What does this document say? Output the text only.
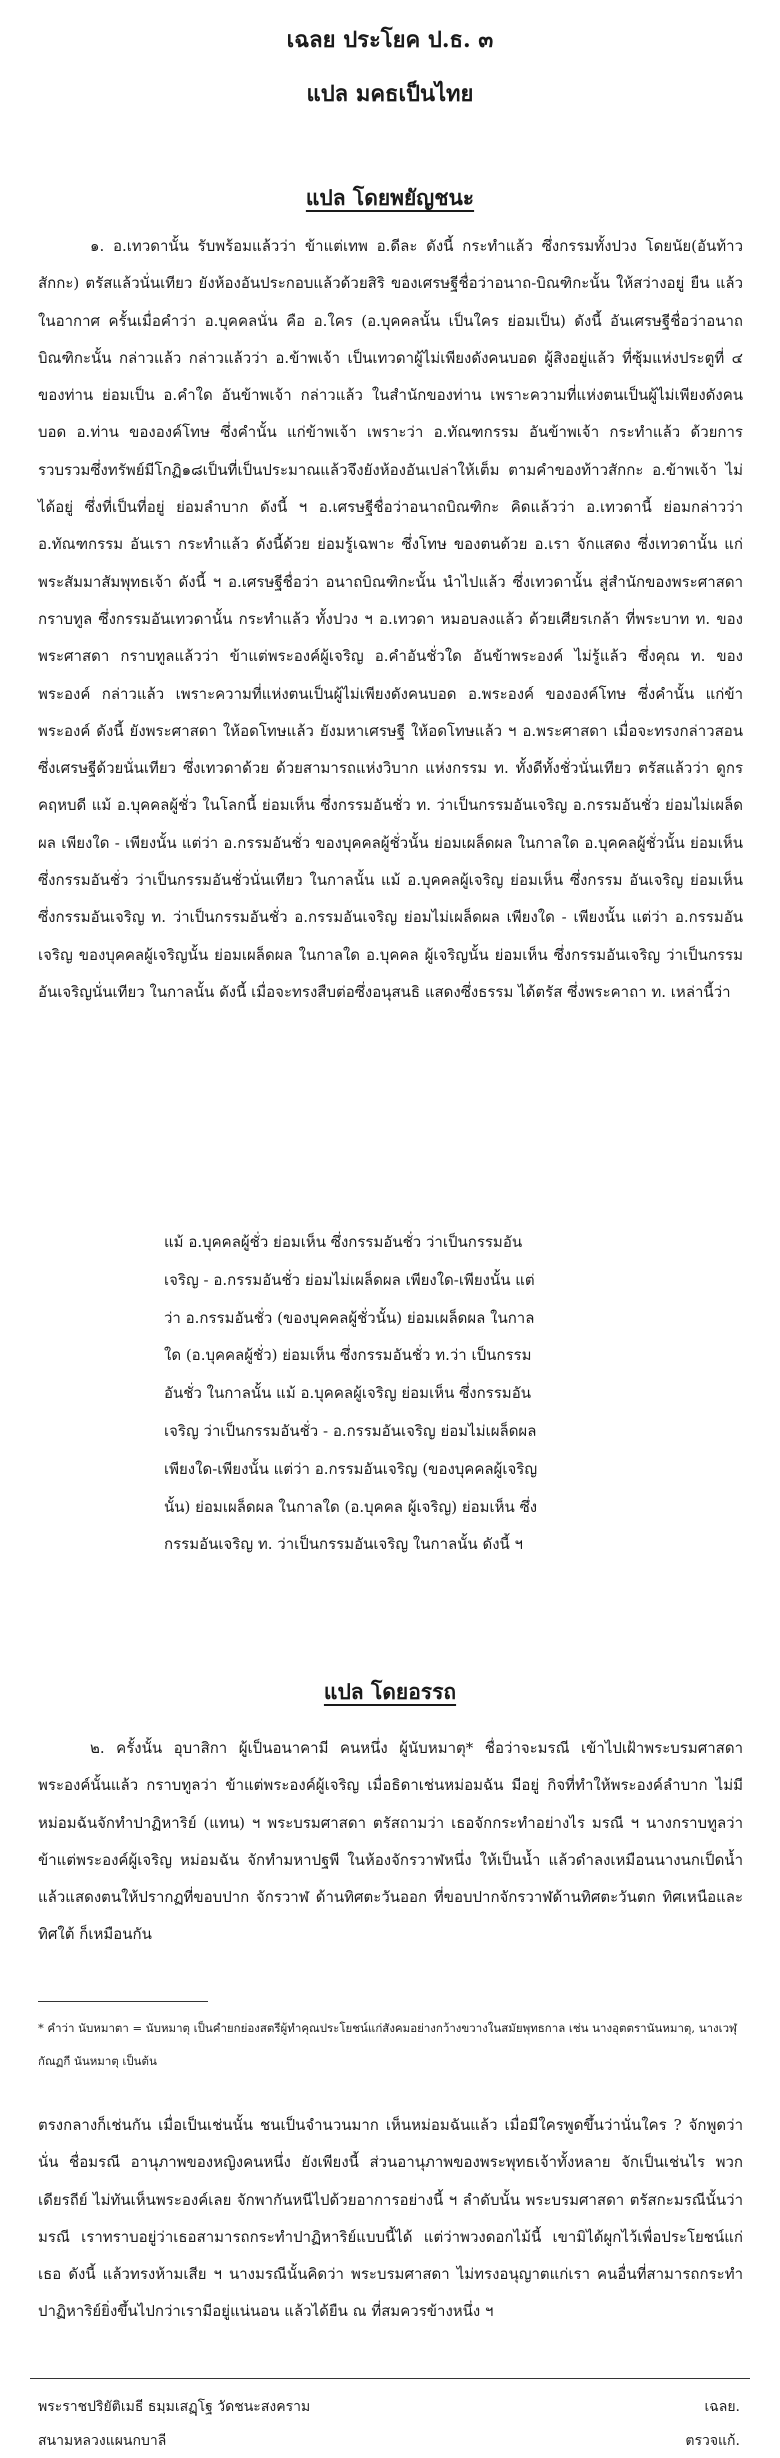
เฉลย ประโยค ป.ธ. ๓
แปล มคธเป็นไทย
แปล โดยพยัญชนะ
๑. อ.เทวดานั้น รับพร้อมแล้วว่า ข้าแต่เทพ อ.ดีละ ดังนี้ กระทำแล้ว ซึ่งกรรมทั้งปวง โดยนัย(อันท้าวสักกะ) ตรัสแล้วนั่นเทียว ยังห้องอันประกอบแล้วด้วยสิริ ของเศรษฐีชื่อว่าอนาถ-บิณฑิกะนั้น ให้สว่างอยู่ ยืน แล้ว ในอากาศ ครั้นเมื่อคำว่า อ.บุคคลนั่น คือ อ.ใคร (อ.บุคคลนั้น เป็นใคร ย่อมเป็น) ดังนี้ อันเศรษฐีชื่อว่าอนาถบิณฑิกะนั้น กล่าวแล้ว กล่าวแล้วว่า อ.ข้าพเจ้า เป็นเทวดาผู้ไม่เพียงดังคนบอด ผู้สิงอยู่แล้ว ที่ซุ้มแห่งประตูที่ ๔ ของท่าน ย่อมเป็น อ.คำใด อันข้าพเจ้า กล่าวแล้ว ในสำนักของท่าน เพราะความที่แห่งตนเป็นผู้ไม่เพียงดังคนบอด อ.ท่าน ขององค์โทษ ซึ่งคำนั้น แก่ข้าพเจ้า เพราะว่า อ.ทัณฑกรรม อันข้าพเจ้า กระทำแล้ว ด้วยการรวบรวมซึ่งทรัพย์มีโกฏิ๑๘เป็นที่เป็นประมาณแล้วจึงยังห้องอันเปล่าให้เต็ม ตามคำของท้าวสักกะ อ.ข้าพเจ้า ไม่ได้อยู่ ซึ่งที่เป็นที่อยู่ ย่อมลำบาก ดังนี้ ฯ อ.เศรษฐีชื่อว่าอนาถบิณฑิกะ คิดแล้วว่า อ.เทวดานี้ ย่อมกล่าวว่า อ.ทัณฑกรรม อันเรา กระทำแล้ว ดังนี้ด้วย ย่อมรู้เฉพาะ ซึ่งโทษ ของตนด้วย อ.เรา จักแสดง ซึ่งเทวดานั้น แก่พระสัมมาสัมพุทธเจ้า ดังนี้ ฯ อ.เศรษฐีชื่อว่า อนาถบิณฑิกะนั้น นำไปแล้ว ซึ่งเทวดานั้น สู่สำนักของพระศาสดา กราบทูล ซึ่งกรรมอันเทวดานั้น กระทำแล้ว ทั้งปวง ฯ อ.เทวดา หมอบลงแล้ว ด้วยเศียรเกล้า ที่พระบาท ท. ของพระศาสดา กราบทูลแล้วว่า ข้าแต่พระองค์ผู้เจริญ อ.คำอันชั่วใด อันข้าพระองค์ ไม่รู้แล้ว ซึ่งคุณ ท. ของพระองค์ กล่าวแล้ว เพราะความที่แห่งตนเป็นผู้ไม่เพียงดังคนบอด อ.พระองค์ ขององค์โทษ ซึ่งคำนั้น แก่ข้าพระองค์ ดังนี้ ยังพระศาสดา ให้อดโทษแล้ว ยังมหาเศรษฐี ให้อดโทษแล้ว ฯ อ.พระศาสดา เมื่อจะทรงกล่าวสอน ซึ่งเศรษฐีด้วยนั่นเทียว ซึ่งเทวดาด้วย ด้วยสามารถแห่งวิบาก แห่งกรรม ท. ทั้งดีทั้งชั่วนั่นเทียว ตรัสแล้วว่า ดูกรคฤหบดี แม้ อ.บุคคลผู้ชั่ว ในโลกนี้ ย่อมเห็น ซึ่งกรรมอันชั่ว ท. ว่าเป็นกรรมอันเจริญ อ.กรรมอันชั่ว ย่อมไม่เผล็ดผล เพียงใด - เพียงนั้น แต่ว่า อ.กรรมอันชั่ว ของบุคคลผู้ชั่วนั้น ย่อมเผล็ดผล ในกาลใด อ.บุคคลผู้ชั่วนั้น ย่อมเห็น ซึ่งกรรมอันชั่ว ว่าเป็นกรรมอันชั่วนั่นเทียว ในกาลนั้น แม้ อ.บุคคลผู้เจริญ ย่อมเห็น ซึ่งกรรม อันเจริญ ย่อมเห็น ซึ่งกรรมอันเจริญ ท. ว่าเป็นกรรมอันชั่ว อ.กรรมอันเจริญ ย่อมไม่เผล็ดผล เพียงใด - เพียงนั้น แต่ว่า อ.กรรมอันเจริญ ของบุคคลผู้เจริญนั้น ย่อมเผล็ดผล ในกาลใด อ.บุคคล ผู้เจริญนั้น ย่อมเห็น ซึ่งกรรมอันเจริญ ว่าเป็นกรรมอันเจริญนั่นเทียว ในกาลนั้น ดังนี้ เมื่อจะทรงสืบต่อซึ่งอนุสนธิ แสดงซึ่งธรรม ได้ตรัส ซึ่งพระคาถา ท. เหล่านี้ว่า
แม้ อ.บุคคลผู้ชั่ว ย่อมเห็น ซึ่งกรรมอันชั่ว ว่าเป็นกรรมอัน เจริญ - อ.กรรมอันชั่ว ย่อมไม่เผล็ดผล เพียงใด-เพียงนั้น แต่ว่า อ.กรรมอันชั่ว (ของบุคคลผู้ชั่วนั้น) ย่อมเผล็ดผล ในกาลใด (อ.บุคคลผู้ชั่ว) ย่อมเห็น ซึ่งกรรมอันชั่ว ท.ว่า เป็นกรรมอันชั่ว ในกาลนั้น แม้ อ.บุคคลผู้เจริญ ย่อมเห็น ซึ่งกรรมอันเจริญ ว่าเป็นกรรมอันชั่ว - อ.กรรมอันเจริญ ย่อมไม่เผล็ดผล เพียงใด-เพียงนั้น แต่ว่า อ.กรรมอันเจริญ (ของบุคคลผู้เจริญนั้น) ย่อมเผล็ดผล ในกาลใด (อ.บุคคล ผู้เจริญ) ย่อมเห็น ซึ่งกรรมอันเจริญ ท. ว่าเป็นกรรมอันเจริญ ในกาลนั้น ดังนี้ ฯ
แปล โดยอรรถ
๒. ครั้งนั้น อุบาสิกา ผู้เป็นอนาคามี คนหนึ่ง ผู้นับหมาตุ* ชื่อว่าจะมรณี เข้าไปเฝ้าพระบรมศาสดาพระองค์นั้นแล้ว กราบทูลว่า ข้าแต่พระองค์ผู้เจริญ เมื่อธิดาเช่นหม่อมฉัน มีอยู่ กิจที่ทำให้พระองค์ลำบาก ไม่มี หม่อมฉันจักทำปาฏิหาริย์ (แทน) ฯ พระบรมศาสดา ตรัสถามว่า เธอจักกระทำอย่างไร มรณี ฯ นางกราบทูลว่า ข้าแต่พระองค์ผู้เจริญ หม่อมฉัน จักทำมหาปฐพี ในห้องจักรวาฬหนึ่ง ให้เป็นน้ำ แล้วดำลงเหมือนนางนกเป็ดน้ำแล้วแสดงตนให้ปรากฏที่ขอบปาก จักรวาฬ ด้านทิศตะวันออก ที่ขอบปากจักรวาฬด้านทิศตะวันตก ทิศเหนือและทิศใต้ ก็เหมือนกัน
* คำว่า นับหมาตา = นับหมาตุ เป็นคำยกย่องสตรีผู้ทำคุณประโยชน์แก่สังคมอย่างกว้างขวางในสมัยพุทธกาล เช่น นางอุตตรานันหมาตุ, นางเวฬุกัณฏกี นันหมาตุ เป็นต้น
ตรงกลางก็เช่นกัน เมื่อเป็นเช่นนั้น ชนเป็นจำนวนมาก เห็นหม่อมฉันแล้ว เมื่อมีใครพูดขึ้นว่านั่นใคร ? จักพูดว่า นั่น ชื่อมรณี อานุภาพของหญิงคนหนึ่ง ยังเพียงนี้ ส่วนอานุภาพของพระพุทธเจ้าทั้งหลาย จักเป็นเช่นไร พวกเดียรถีย์ ไม่ทันเห็นพระองค์เลย จักพากันหนีไปด้วยอาการอย่างนี้ ฯ ลำดับนั้น พระบรมศาสดา ตรัสกะมรณีนั้นว่า มรณี เราทราบอยู่ว่าเธอสามารถกระทำปาฏิหาริย์แบบนี้ได้ แต่ว่าพวงดอกไม้นี้ เขามิได้ผูกไว้เพื่อประโยชน์แก่เธอ ดังนี้ แล้วทรงห้ามเสีย ฯ นางมรณีนั้นคิดว่า พระบรมศาสดา ไม่ทรงอนุญาตแก่เรา คนอื่นที่สามารถกระทำปาฏิหาริย์ยิ่งขึ้นไปกว่าเรามีอยู่แน่นอน แล้วได้ยืน ณ ที่สมควรข้างหนึ่ง ฯ
พระราชปริยัติเมธี ธมฺมเสฏฺโฐ วัดชนะสงคราม	เฉลย.
สนามหลวงแผนกบาลี	ตรวจแก้.
